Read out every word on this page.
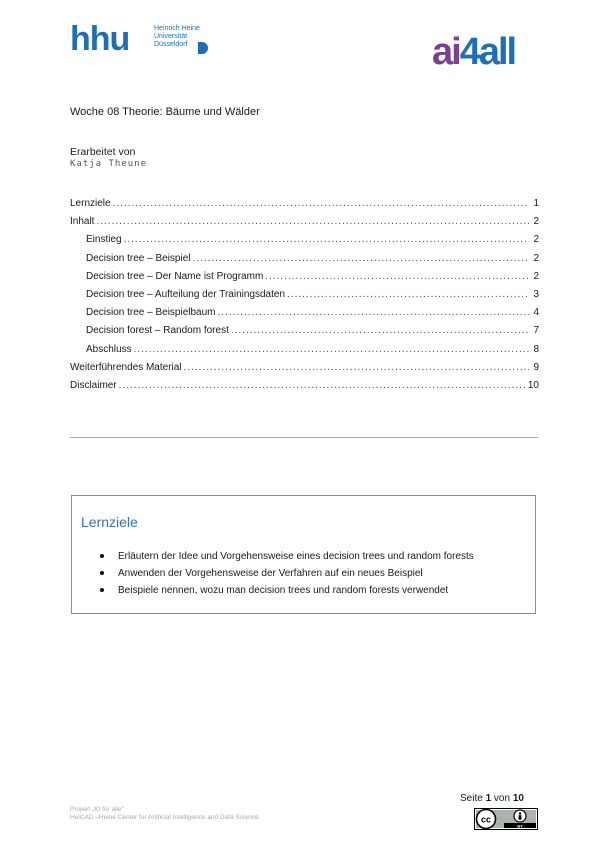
hhu	Heinrich Heine
Universität
Düsseldorf	ai4all
ai4all
Woche 08 Theorie: Bäume und Wälder
Erarbeitet von
Katja Theune
Lernziele .....	1
Inhalt .....	2
Einstieg .....	2
Decision tree – Beispiel .....	2
Decision tree – Der Name ist Programm .....	2
Decision tree – Aufteilung der Trainingsdaten .....	3
Decision tree – Beispielbaum .....	4
Decision forest – Random forest .....	7
Abschluss .....	8
Weiterführendes Material .....	9
Disclaimer .....	10
Lernziele
Erläutern der Idee und Vorgehensweise eines decision trees und random forests
Anwenden der Vorgehensweise der Verfahren auf ein neues Beispiel
Beispiele nennen, wozu man decision trees und random forests verwendet
Projekt „KI für alle“
HeiCAD –Heine Center for Artificial Intelligence and Data Science
Seite 1 von 10
cc
BY
